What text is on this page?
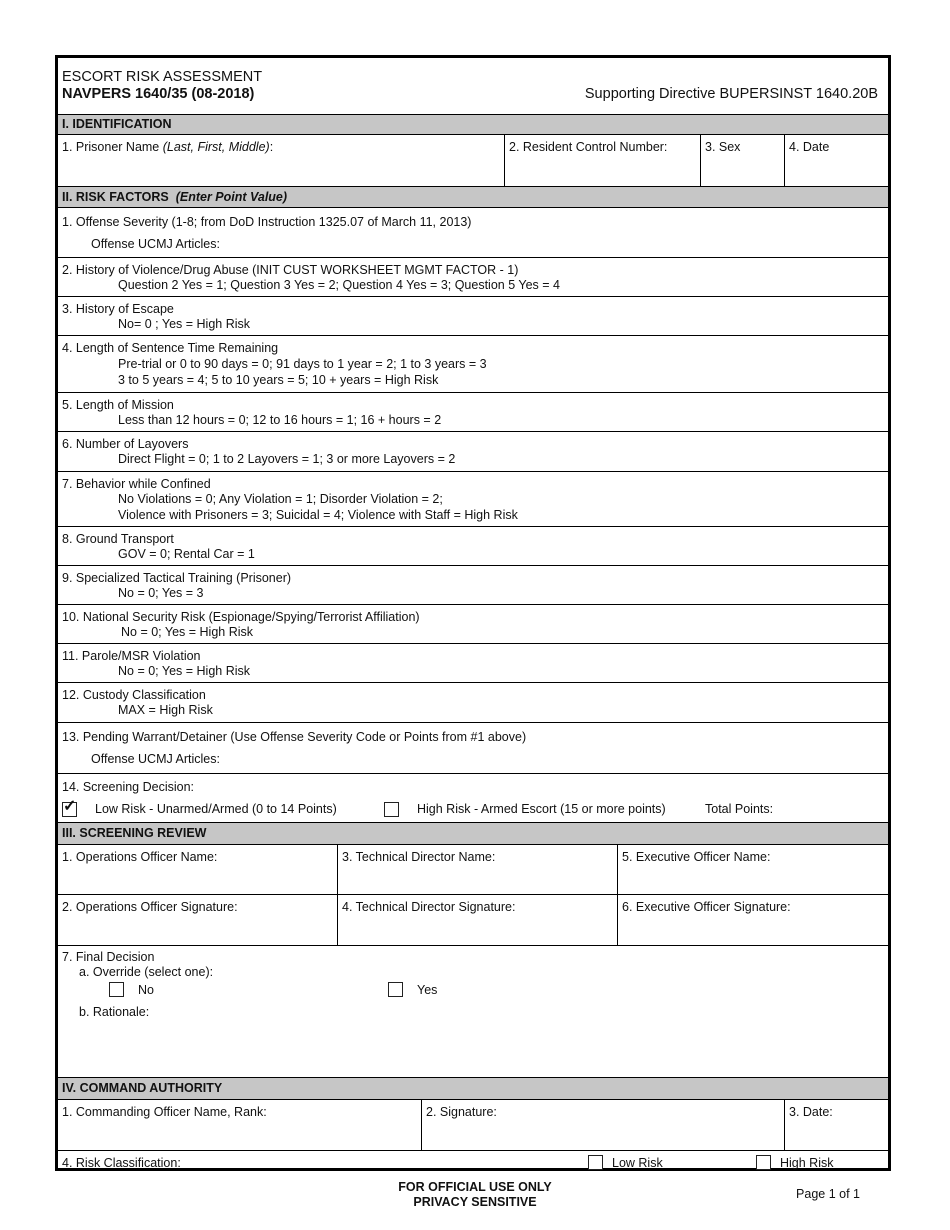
ESCORT RISK ASSESSMENT
NAVPERS 1640/35 (08-2018)	Supporting Directive BUPERSINST 1640.20B
I. IDENTIFICATION
1. Prisoner Name (Last, First, Middle):	2. Resident Control Number:	3. Sex	4. Date
II. RISK FACTORS (Enter Point Value)
1. Offense Severity (1-8; from DoD Instruction 1325.07 of March 11, 2013)
Offense UCMJ Articles:
2. History of Violence/Drug Abuse (INIT CUST WORKSHEET MGMT FACTOR - 1)
Question 2 Yes = 1; Question 3 Yes = 2; Question 4 Yes = 3; Question 5 Yes = 4
3. History of Escape
No= 0 ; Yes = High Risk
4. Length of Sentence Time Remaining
Pre-trial or 0 to 90 days = 0; 91 days to 1 year = 2; 1 to 3 years = 3
3 to 5 years = 4; 5 to 10 years = 5; 10 + years = High Risk
5. Length of Mission
Less than 12 hours = 0; 12 to 16 hours = 1; 16 + hours = 2
6. Number of Layovers
Direct Flight = 0; 1 to 2 Layovers = 1; 3 or more Layovers = 2
7. Behavior while Confined
No Violations = 0; Any Violation = 1; Disorder Violation = 2;
Violence with Prisoners = 3; Suicidal = 4; Violence with Staff = High Risk
8. Ground Transport
GOV = 0; Rental Car = 1
9. Specialized Tactical Training (Prisoner)
No = 0; Yes = 3
10. National Security Risk (Espionage/Spying/Terrorist Affiliation)
No = 0; Yes = High Risk
11. Parole/MSR Violation
No = 0; Yes = High Risk
12. Custody Classification
MAX = High Risk
13. Pending Warrant/Detainer (Use Offense Severity Code or Points from #1 above)
Offense UCMJ Articles:
14. Screening Decision:
✓ Low Risk - Unarmed/Armed (0 to 14 Points)	High Risk - Armed Escort (15 or more points)	Total Points:
III. SCREENING REVIEW
1. Operations Officer Name:	3. Technical Director Name:	5. Executive Officer Name:
2. Operations Officer Signature:	4. Technical Director Signature:	6. Executive Officer Signature:
7. Final Decision
a. Override (select one):
No	Yes
b. Rationale:
IV. COMMAND AUTHORITY
1. Commanding Officer Name, Rank:	2. Signature:	3. Date:
4. Risk Classification:	Low Risk	High Risk
FOR OFFICIAL USE ONLY
PRIVACY SENSITIVE
Page 1 of 1
